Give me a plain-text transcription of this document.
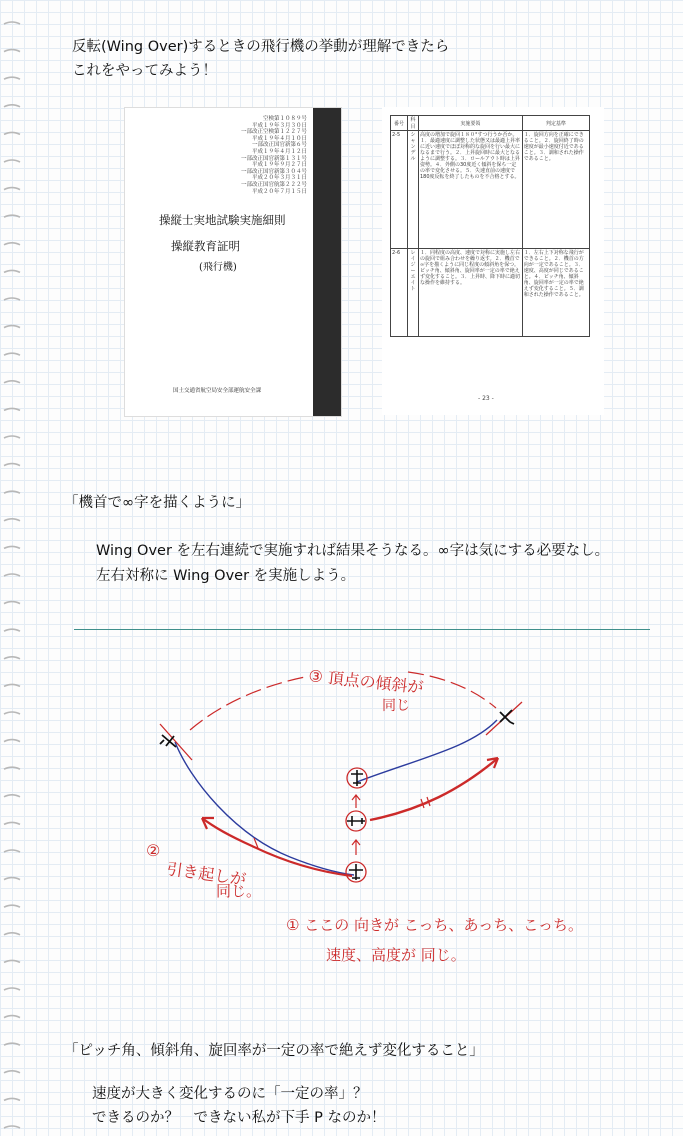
反転(Wing Over)するときの飛行機の挙動が理解できたら
これをやってみよう！
空検第１０８９号
平成１９年３月３０日
一部改正空検第１２２７号
平成１９年４月１０日
一部改正国官新第６号
平成１９年４月１２日
一部改正国官新第１３１号
平成１９年９月２７日
一部改正国官新第３０４号
平成２０年３月３１日
一部改正国官航第２２２号
平成２０年７月１５日
操縦士実地試験実施細則
操縦教育証明
(飛行機)
国土交通省航空局安全部運航安全課
番号	科目	実施要領	判定基準
2-5	シャンデル	高度の増加で旋回１８０°すつ行うか否か。１．最適速度に調整した状態又は最適上昇率に近い速度でほぼ対称的な旋回を行い最大になるまで行う。２．上昇旋回時に最大となるように調整する。３．ロールアウト時は上昇姿勢。４．外側の30度近く傾斜を保ち一定の率で変化させる。５．失速直前の速度で180度反転を終了したものを不合格とする。	１．旋回方向を正確にできること。２．旋回終了時の速度が最小速度付近であること。３．調和された操作であること。
2-6	レイジーエイト	１．同程度の高度、速度で対称に実施し左右の旋回で組み合わせを繰り返す。２．機首で∞字を描くように同じ程度の傾斜角を保つ。ピッチ角、傾斜角、旋回率が一定の率で絶えず変化すること。３．上昇時、降下時に適切な操作を維持する。	１．左右上下対称な飛行ができること。２．機首の方向が一定であること。３．速度、高度が同じであること。４．ピッチ角、傾斜角、旋回率が一定の率で絶えず変化すること。５．調和された操作であること。
- 23 -
「機首で∞字を描くように」
Wing Over を左右連続で実施すれば結果そうなる。∞字は気にする必要なし。
左右対称に Wing Over を実施しよう。
③ 頂点の傾斜が
同じ
②
引き起しが
同じ。
① ここの 向きが こっち、あっち、こっち。
速度、高度が 同じ。
「ピッチ角、傾斜角、旋回率が一定の率で絶えず変化すること」
速度が大きく変化するのに「一定の率」？
できるのか？　できない私が下手 P なのか！
